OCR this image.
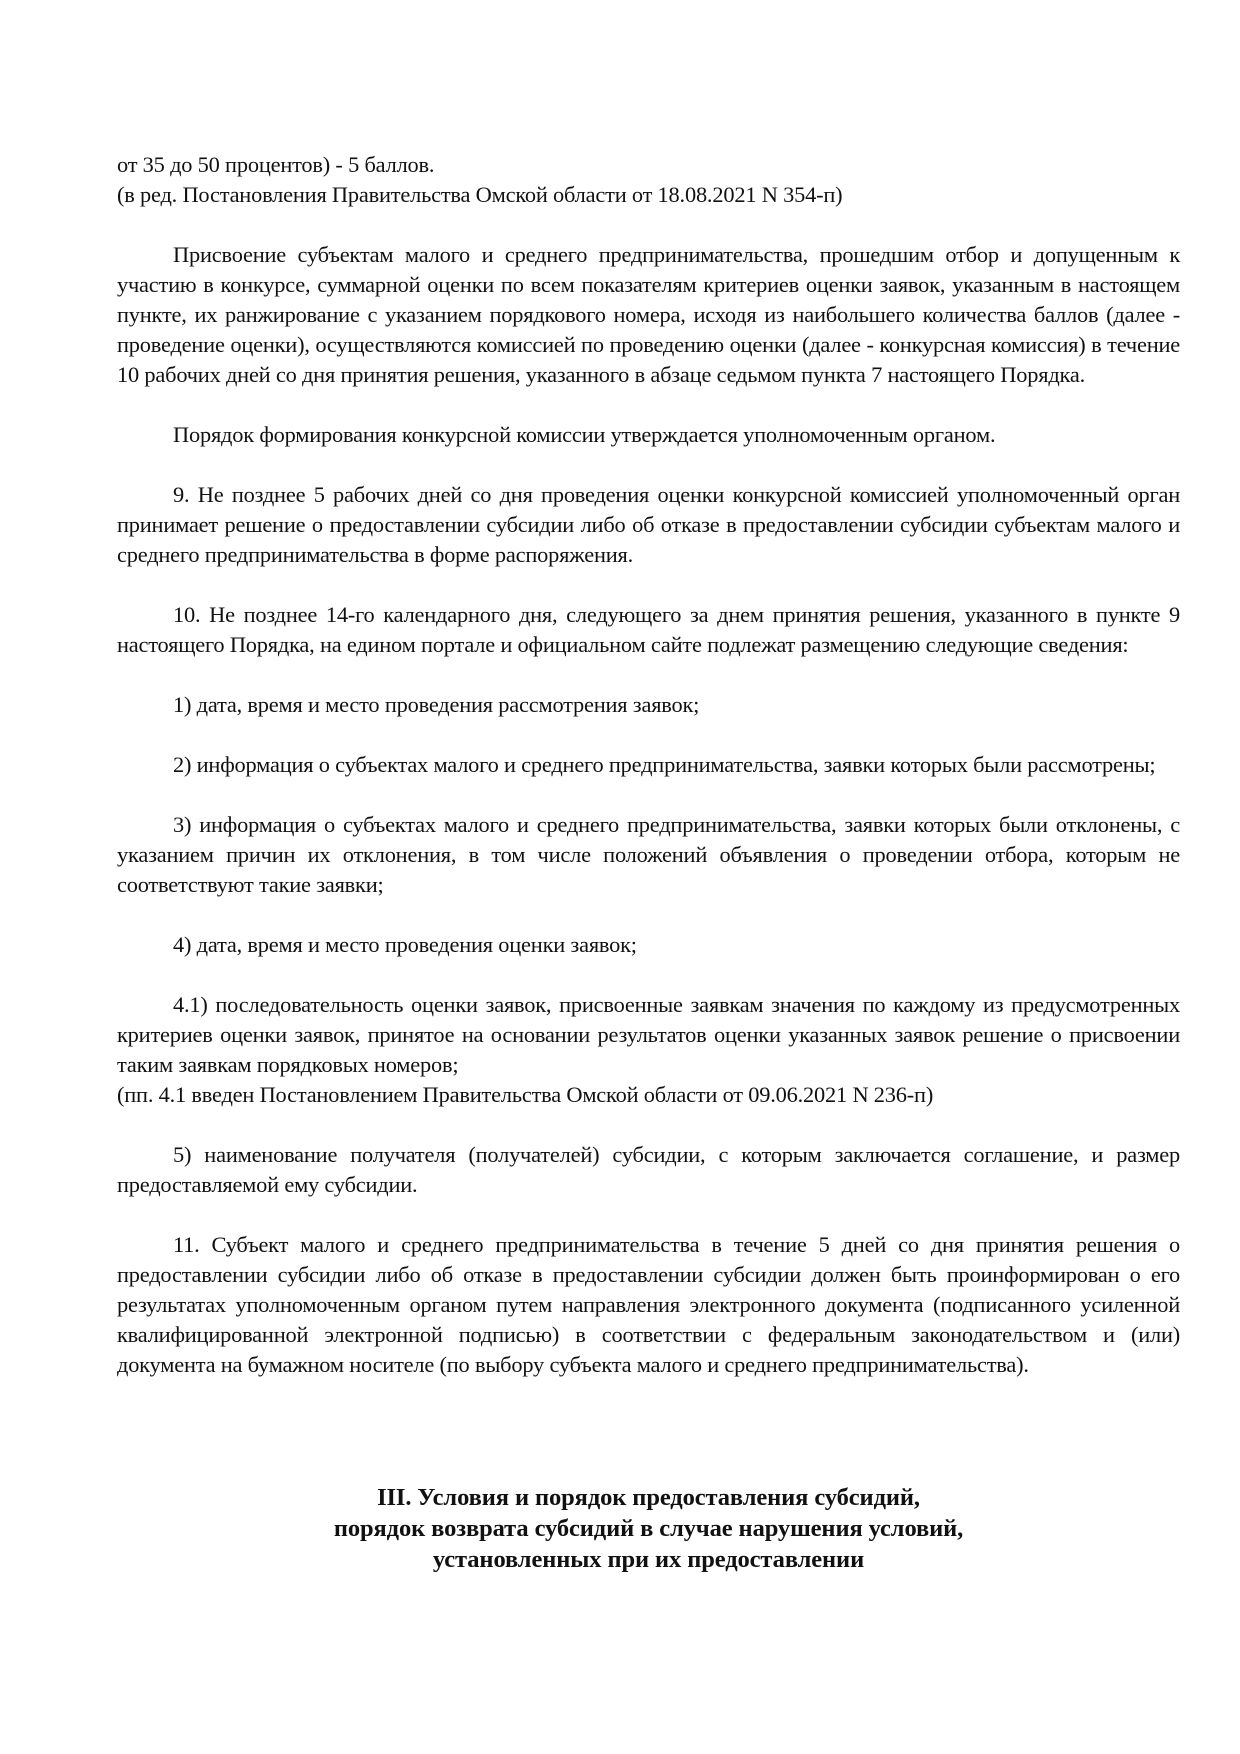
от 35 до 50 процентов) - 5 баллов.

(в ред. Постановления Правительства Омской области от 18.08.2021 N 354-п)

Присвоение субъектам малого и среднего предпринимательства, прошедшим отбор и допущенным к участию в конкурсе, суммарной оценки по всем показателям критериев оценки заявок, указанным в настоящем пункте, их ранжирование с указанием порядкового номера, исходя из наибольшего количества баллов (далее - проведение оценки), осуществляются комиссией по проведению оценки (далее - конкурсная комиссия) в течение 10 рабочих дней со дня принятия решения, указанного в абзаце седьмом пункта 7 настоящего Порядка.

Порядок формирования конкурсной комиссии утверждается уполномоченным органом.

9. Не позднее 5 рабочих дней со дня проведения оценки конкурсной комиссией уполномоченный орган принимает решение о предоставлении субсидии либо об отказе в предоставлении субсидии субъектам малого и среднего предпринимательства в форме распоряжения.

10. Не позднее 14-го календарного дня, следующего за днем принятия решения, указанного в пункте 9 настоящего Порядка, на едином портале и официальном сайте подлежат размещению следующие сведения:

1) дата, время и место проведения рассмотрения заявок;

2) информация о субъектах малого и среднего предпринимательства, заявки которых были рассмотрены;

3) информация о субъектах малого и среднего предпринимательства, заявки которых были отклонены, с указанием причин их отклонения, в том числе положений объявления о проведении отбора, которым не соответствуют такие заявки;

4) дата, время и место проведения оценки заявок;

4.1) последовательность оценки заявок, присвоенные заявкам значения по каждому из предусмотренных критериев оценки заявок, принятое на основании результатов оценки указанных заявок решение о присвоении таким заявкам порядковых номеров;

(пп. 4.1 введен Постановлением Правительства Омской области от 09.06.2021 N 236-п)

5) наименование получателя (получателей) субсидии, с которым заключается соглашение, и размер предоставляемой ему субсидии.

11. Субъект малого и среднего предпринимательства в течение 5 дней со дня принятия решения о предоставлении субсидии либо об отказе в предоставлении субсидии должен быть проинформирован о его результатах уполномоченным органом путем направления электронного документа (подписанного усиленной квалифицированной электронной подписью) в соответствии с федеральным законодательством и (или) документа на бумажном носителе (по выбору субъекта малого и среднего предпринимательства).

III. Условия и порядок предоставления субсидий,
порядок возврата субсидий в случае нарушения условий,
установленных при их предоставлении
